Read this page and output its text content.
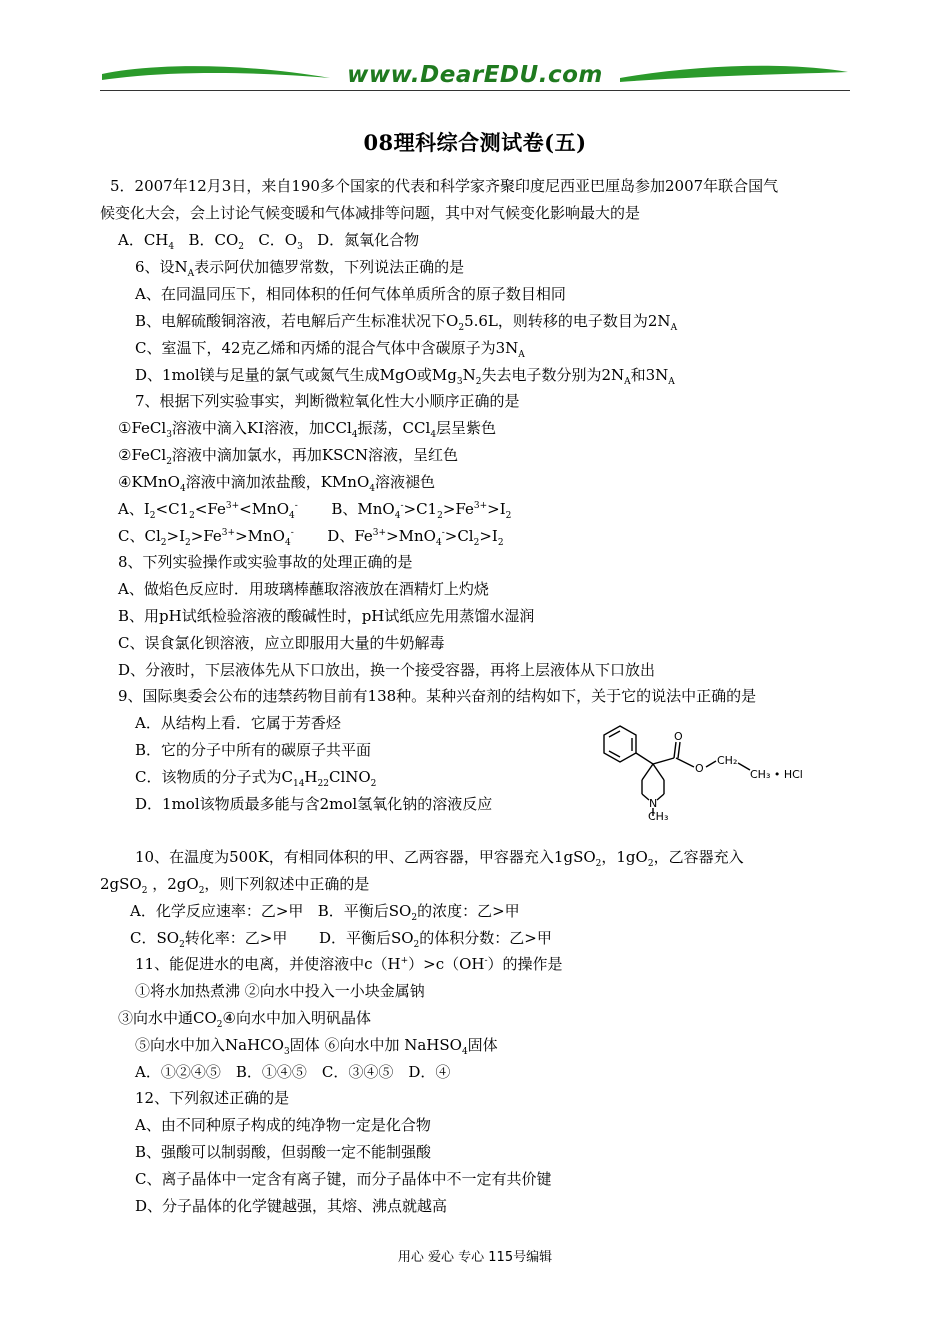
www.DearEDU.com
08理科综合测试卷(五)
5．2007年12月3日，来自190多个国家的代表和科学家齐聚印度尼西亚巴厘岛参加2007年联合国气
候变化大会，会上讨论气候变暖和气体减排等问题，其中对气候变化影响最大的是
A．$CH_4$ B．$CO_2$ C．$O_3$ D．氮氧化合物
6、设$N_A$表示阿伏加德罗常数，下列说法正确的是
A、在同温同压下，相同体积的任何气体单质所含的原子数目相同
B、电解硫酸铜溶液，若电解后产生标准状况下$O_25.6L$，则转移的电子数目为$2N_A$
C、室温下，42克乙烯和丙烯的混合气体中含碳原子为$3N_A$
D、1mol镁与足量的氯气或氮气生成MgO或$Mg_3N_2$失去电子数分别为$2N_A$和$3N_A$
7、根据下列实验事实，判断微粒氧化性大小顺序正确的是
①FeCl$_3$溶液中滴入KI溶液，加CCl$_4$振荡，CCl$_4$层呈紫色
②FeCl$_2$溶液中滴加氯水，再加KSCN溶液，呈红色
④KMnO$_4$溶液中滴加浓盐酸，KMnO$_4$溶液褪色
A、$I_2<C1_2<Fe^{3+}<MnO_4^-$ B、$MnO_4^->C1_2>Fe^{3+}>I_2$
C、$Cl_2>I_2>Fe^{3+}>MnO_4^-$ D、$Fe^{3+}>MnO_4^->Cl_2>I_2$
8、下列实验操作或实验事故的处理正确的是
A、做焰色反应时．用玻璃棒蘸取溶液放在酒精灯上灼烧
B、用pH试纸检验溶液的酸碱性时，pH试纸应先用蒸馏水湿润
C、误食氯化钡溶液，应立即服用大量的牛奶解毒
D、分液时，下层液体先从下口放出，换一个接受容器，再将上层液体从下口放出
9、国际奥委会公布的违禁药物目前有138种。某种兴奋剂的结构如下，关于它的说法中正确的是
A．从结构上看．它属于芳香烃
B．它的分子中所有的碳原子共平面
C．该物质的分子式为$C_{14}H_{22}ClNO_2$
D．1mol该物质最多能与含2mol氢氧化钠的溶液反应
O
O
CH₂
CH₃ • HCl
N
CH₃
10、在温度为500K，有相同体积的甲、乙两容器，甲容器充入1gSO$_2$，$1gO_2$，乙容器充入
2gSO$_2$ ，$2gO_2$，则下列叙述中正确的是
A．化学反应速率：乙>甲 B．平衡后$SO_2$的浓度：乙>甲
C．$SO_2$转化率：乙>甲 D．平衡后$SO_2$的体积分数：乙>甲
11、能促进水的电离，并使溶液中c（H+）>c（OH-）的操作是
①将水加热煮沸 ②向水中投入一小块金属钠
③向水中通$CO_2④$向水中加入明矾晶体
⑤向水中加入NaHCO$_3$固体 ⑥向水中加 NaHSO$_4$固体
A．①②④⑤　B．①④⑤　C．③④⑤　D．④
12、下列叙述正确的是
A、由不同种原子构成的纯净物一定是化合物
B、强酸可以制弱酸，但弱酸一定不能制强酸
C、离子晶体中一定含有离子键，而分子晶体中不一定有共价键
D、分子晶体的化学键越强，其熔、沸点就越高
用心 爱心 专心 115号编辑
